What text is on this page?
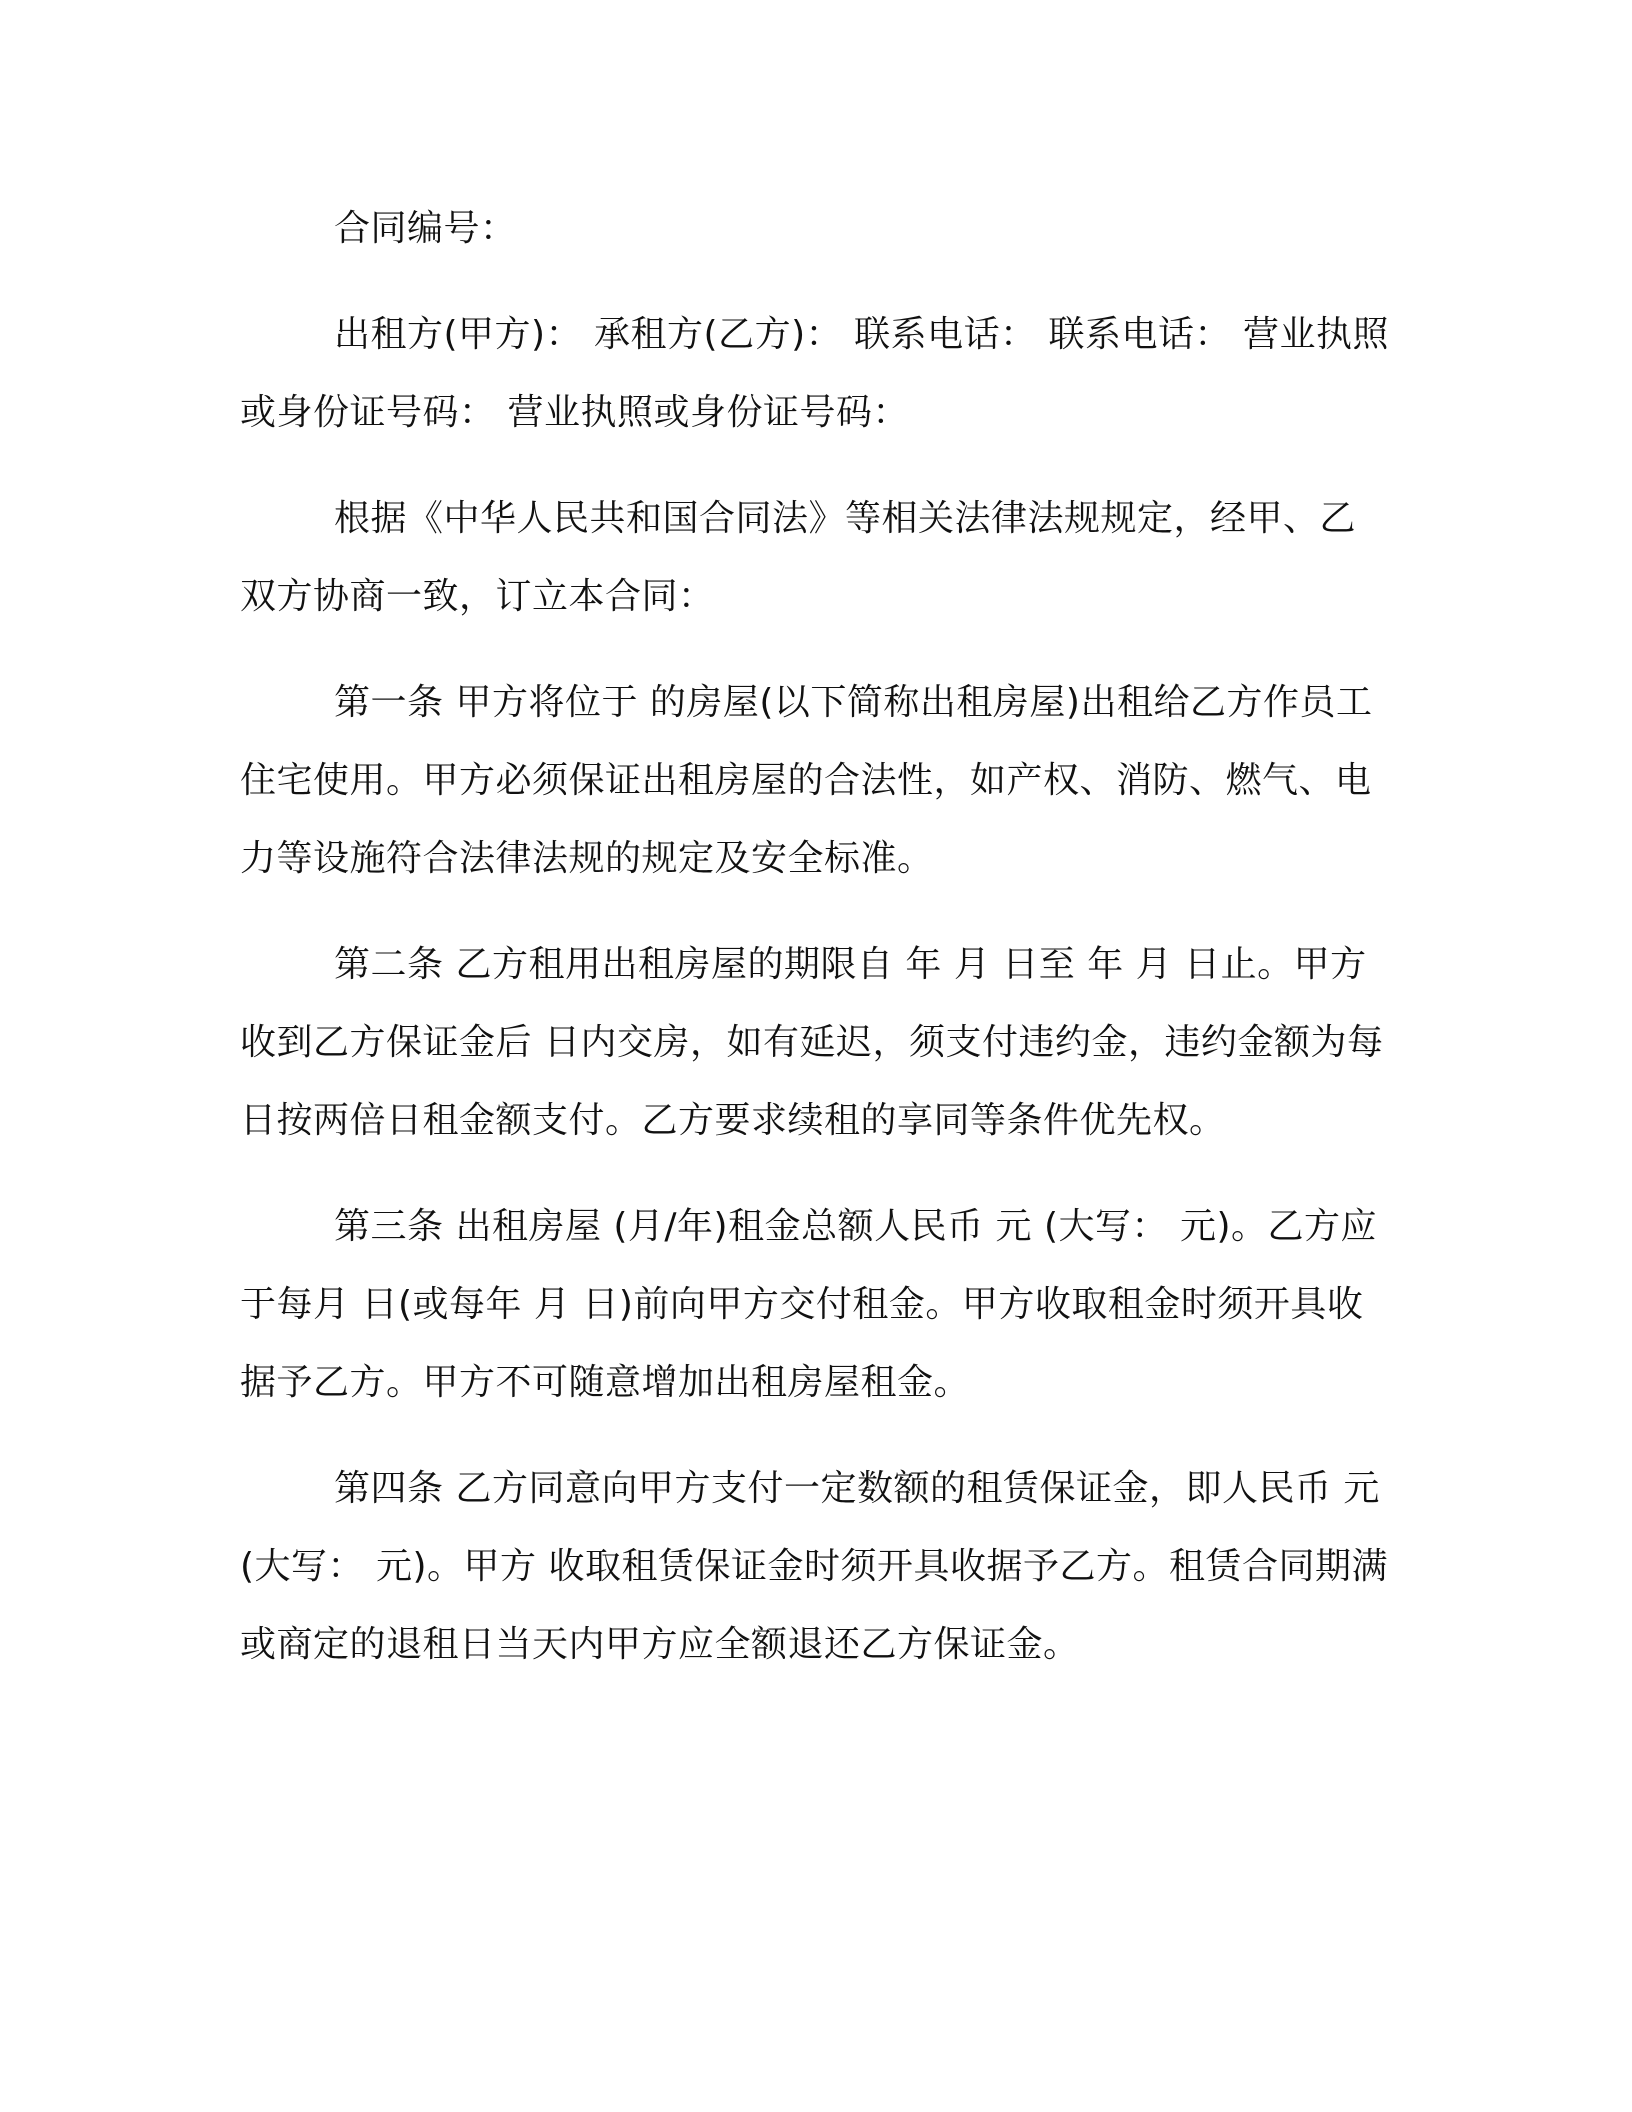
合同编号：

出租方(甲方)： 承租方(乙方)： 联系电话： 联系电话： 营业执照或身份证号码： 营业执照或身份证号码：

根据《中华人民共和国合同法》等相关法律法规规定，经甲、乙双方协商一致，订立本合同：

第一条 甲方将位于 的房屋(以下简称出租房屋)出租给乙方作员工住宅使用。甲方必须保证出租房屋的合法性，如产权、消防、燃气、电力等设施符合法律法规的规定及安全标准。

第二条 乙方租用出租房屋的期限自 年 月 日至 年 月 日止。甲方收到乙方保证金后 日内交房，如有延迟，须支付违约金，违约金额为每日按两倍日租金额支付。乙方要求续租的享同等条件优先权。

第三条 出租房屋 (月/年)租金总额人民币 元 (大写： 元)。乙方应于每月 日(或每年 月 日)前向甲方交付租金。甲方收取租金时须开具收据予乙方。甲方不可随意增加出租房屋租金。

第四条 乙方同意向甲方支付一定数额的租赁保证金，即人民币 元(大写： 元)。甲方 收取租赁保证金时须开具收据予乙方。租赁合同期满或商定的退租日当天内甲方应全额退还乙方保证金。
